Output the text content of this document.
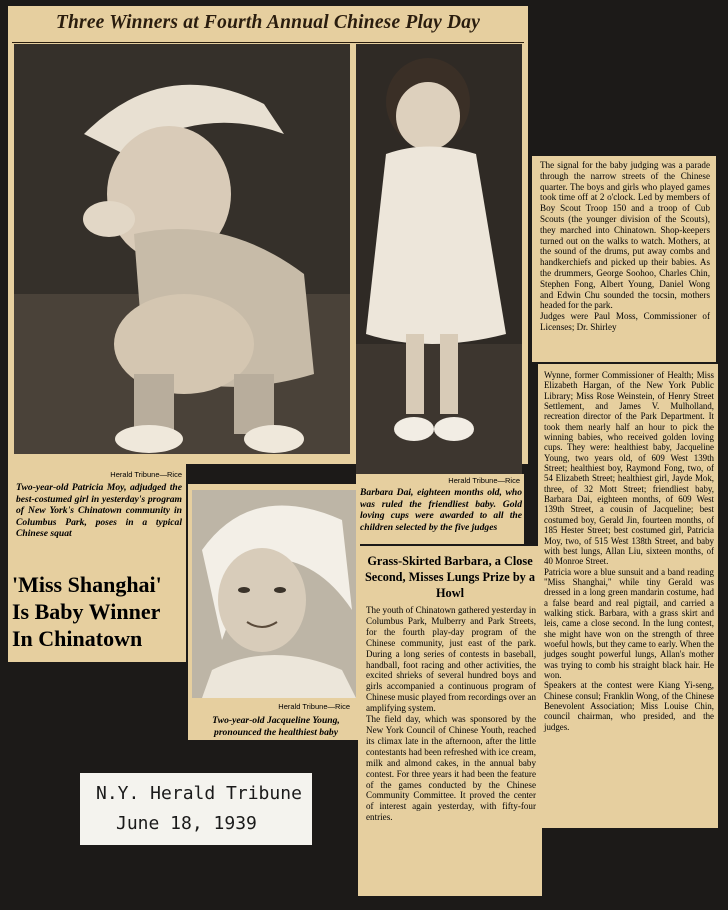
Three Winners at Fourth Annual Chinese Play Day
Herald Tribune—Rice
Two-year-old Patricia Moy, adjudged the best-costumed girl in yesterday's program of New York's Chinatown community in Columbus Park, poses in a typical Chinese squat
Herald Tribune—Rice
Barbara Dai, eighteen months old, who was ruled the friendliest baby. Gold loving cups were awarded to all the children selected by the five judges
Herald Tribune—Rice
Two-year-old Jacqueline Young, pronounced the healthiest baby
'Miss Shanghai' Is Baby Winner In Chinatown
Grass-Skirted Barbara, a Close Second, Misses Lungs Prize by a Howl
The youth of Chinatown gathered yesterday in Columbus Park, Mulberry and Park Streets, for the fourth play-day program of the Chinese community, just east of the park. During a long series of contests in baseball, handball, foot racing and other activities, the excited shrieks of several hundred boys and girls accompanied a continuous program of Chinese music played from recordings over an amplifying system.
The field day, which was sponsored by the New York Council of Chinese Youth, reached its climax late in the afternoon, after the little contestants had been refreshed with ice cream, milk and almond cakes, in the annual baby contest. For three years it had been the feature of the games conducted by the Chinese Community Committee. It proved the center of interest again yesterday, with fifty-four entries.
The signal for the baby judging was a parade through the narrow streets of the Chinese quarter. The boys and girls who played games took time off at 2 o'clock. Led by members of Boy Scout Troop 150 and a troop of Cub Scouts (the younger division of the Scouts), they marched into Chinatown. Shop-keepers turned out on the walks to watch. Mothers, at the sound of the drums, put away combs and handkerchiefs and picked up their babies. As the drummers, George Soohoo, Charles Chin, Stephen Fong, Albert Young, Daniel Wong and Edwin Chu sounded the tocsin, mothers headed for the park.
Judges were Paul Moss, Commissioner of Licenses; Dr. Shirley
Wynne, former Commissioner of Health; Miss Elizabeth Hargan, of the New York Public Library; Miss Rose Weinstein, of Henry Street Settlement, and James V. Mulholland, recreation director of the Park Department. It took them nearly half an hour to pick the winning babies, who received golden loving cups. They were: healthiest baby, Jacqueline Young, two years old, of 609 West 139th Street; healthiest boy, Raymond Fong, two, of 54 Elizabeth Street; healthiest girl, Jayde Mok, three, of 32 Mott Street; friendliest baby, Barbara Dai, eighteen months, of 609 West 139th Street, a cousin of Jacqueline; best costumed boy, Gerald Jin, fourteen months, of 185 Hester Street; best costumed girl, Patricia Moy, two, of 515 West 138th Street, and baby with best lungs, Allan Liu, sixteen months, of 40 Monroe Street.
Patricia wore a blue sunsuit and a band reading "Miss Shanghai," while tiny Gerald was dressed in a long green mandarin costume, had a false beard and real pigtail, and carried a walking stick. Barbara, with a grass skirt and leis, came a close second. In the lung contest, she might have won on the strength of three woeful howls, but they came to early. When the judges sought powerful lungs, Allan's mother was trying to comb his straight black hair. He won.
Speakers at the contest were Kiang Yi-seng, Chinese consul; Franklin Wong, of the Chinese Benevolent Association; Miss Louise Chin, council chairman, who presided, and the judges.
N.Y. Herald Tribune
June 18, 1939
